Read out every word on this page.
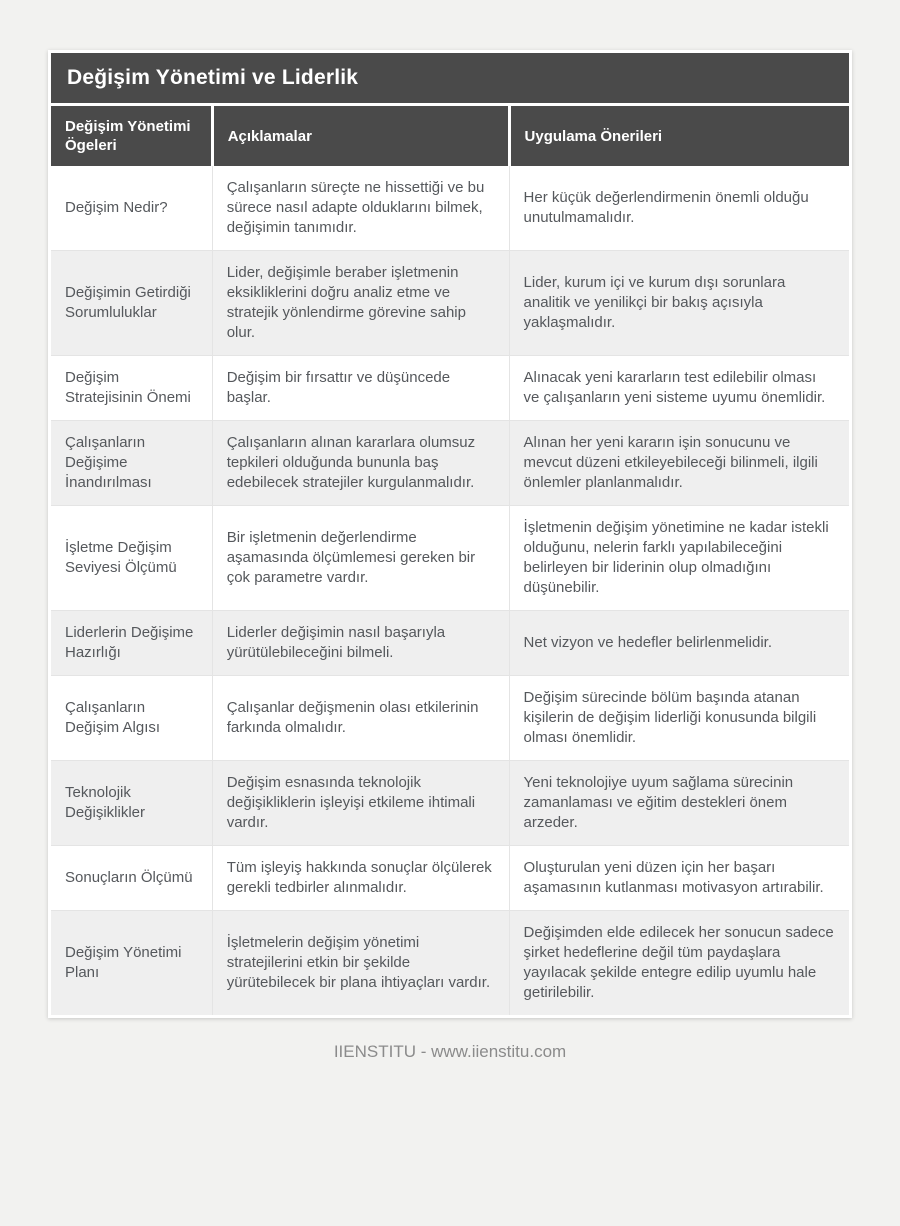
Değişim Yönetimi ve Liderlik
Değişim Yönetimi Ögeleri	Açıklamalar	Uygulama Önerileri
Değişim Nedir?	Çalışanların süreçte ne hissettiği ve bu sürece nasıl adapte olduklarını bilmek, değişimin tanımıdır.	Her küçük değerlendirmenin önemli olduğu unutulmamalıdır.
Değişimin Getirdiği Sorumluluklar	Lider, değişimle beraber işletmenin eksikliklerini doğru analiz etme ve stratejik yönlendirme görevine sahip olur.	Lider, kurum içi ve kurum dışı sorunlara analitik ve yenilikçi bir bakış açısıyla yaklaşmalıdır.
Değişim Stratejisinin Önemi	Değişim bir fırsattır ve düşüncede başlar.	Alınacak yeni kararların test edilebilir olması ve çalışanların yeni sisteme uyumu önemlidir.
Çalışanların Değişime İnandırılması	Çalışanların alınan kararlara olumsuz tepkileri olduğunda bununla baş edebilecek stratejiler kurgulanmalıdır.	Alınan her yeni kararın işin sonucunu ve mevcut düzeni etkileyebileceği bilinmeli, ilgili önlemler planlanmalıdır.
İşletme Değişim Seviyesi Ölçümü	Bir işletmenin değerlendirme aşamasında ölçümlemesi gereken bir çok parametre vardır.	İşletmenin değişim yönetimine ne kadar istekli olduğunu, nelerin farklı yapılabileceğini belirleyen bir liderinin olup olmadığını düşünebilir.
Liderlerin Değişime Hazırlığı	Liderler değişimin nasıl başarıyla yürütülebileceğini bilmeli.	Net vizyon ve hedefler belirlenmelidir.
Çalışanların Değişim Algısı	Çalışanlar değişmenin olası etkilerinin farkında olmalıdır.	Değişim sürecinde bölüm başında atanan kişilerin de değişim liderliği konusunda bilgili olması önemlidir.
Teknolojik Değişiklikler	Değişim esnasında teknolojik değişikliklerin işleyişi etkileme ihtimali vardır.	Yeni teknolojiye uyum sağlama sürecinin zamanlaması ve eğitim destekleri önem arzeder.
Sonuçların Ölçümü	Tüm işleyiş hakkında sonuçlar ölçülerek gerekli tedbirler alınmalıdır.	Oluşturulan yeni düzen için her başarı aşamasının kutlanması motivasyon artırabilir.
Değişim Yönetimi Planı	İşletmelerin değişim yönetimi stratejilerini etkin bir şekilde yürütebilecek bir plana ihtiyaçları vardır.	Değişimden elde edilecek her sonucun sadece şirket hedeflerine değil tüm paydaşlara yayılacak şekilde entegre edilip uyumlu hale getirilebilir.
IIENSTITU - www.iienstitu.com
